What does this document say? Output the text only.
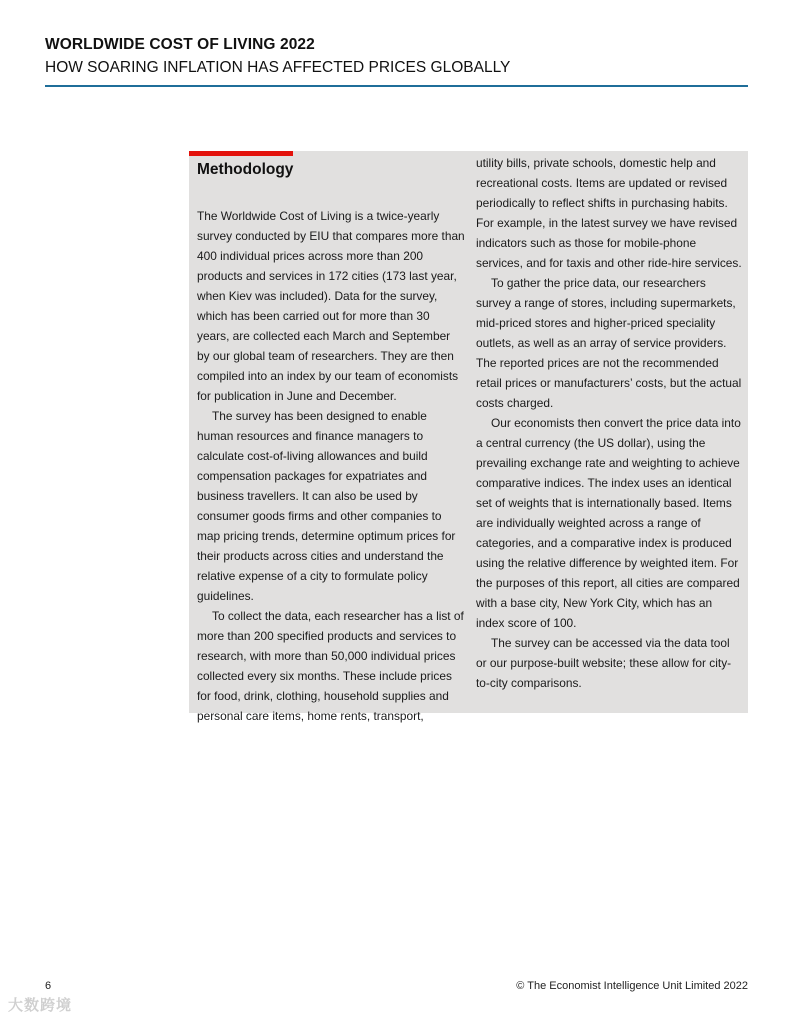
WORLDWIDE COST OF LIVING 2022
HOW SOARING INFLATION HAS AFFECTED PRICES GLOBALLY
Methodology

The Worldwide Cost of Living is a twice-yearly survey conducted by EIU that compares more than 400 individual prices across more than 200 products and services in 172 cities (173 last year, when Kiev was included). Data for the survey, which has been carried out for more than 30 years, are collected each March and September by our global team of researchers. They are then compiled into an index by our team of economists for publication in June and December.

The survey has been designed to enable human resources and finance managers to calculate cost-of-living allowances and build compensation packages for expatriates and business travellers. It can also be used by consumer goods firms and other companies to map pricing trends, determine optimum prices for their products across cities and understand the relative expense of a city to formulate policy guidelines.

To collect the data, each researcher has a list of more than 200 specified products and services to research, with more than 50,000 individual prices collected every six months. These include prices for food, drink, clothing, household supplies and personal care items, home rents, transport,

utility bills, private schools, domestic help and recreational costs. Items are updated or revised periodically to reflect shifts in purchasing habits. For example, in the latest survey we have revised indicators such as those for mobile-phone services, and for taxis and other ride-hire services.

To gather the price data, our researchers survey a range of stores, including supermarkets, mid-priced stores and higher-priced speciality outlets, as well as an array of service providers. The reported prices are not the recommended retail prices or manufacturers’ costs, but the actual costs charged.

Our economists then convert the price data into a central currency (the US dollar), using the prevailing exchange rate and weighting to achieve comparative indices. The index uses an identical set of weights that is internationally based. Items are individually weighted across a range of categories, and a comparative index is produced using the relative difference by weighted item. For the purposes of this report, all cities are compared with a base city, New York City, which has an index score of 100.

The survey can be accessed via the data tool or our purpose-built website; these allow for city-to-city comparisons.

6	© The Economist Intelligence Unit Limited 2022
大数跨境
